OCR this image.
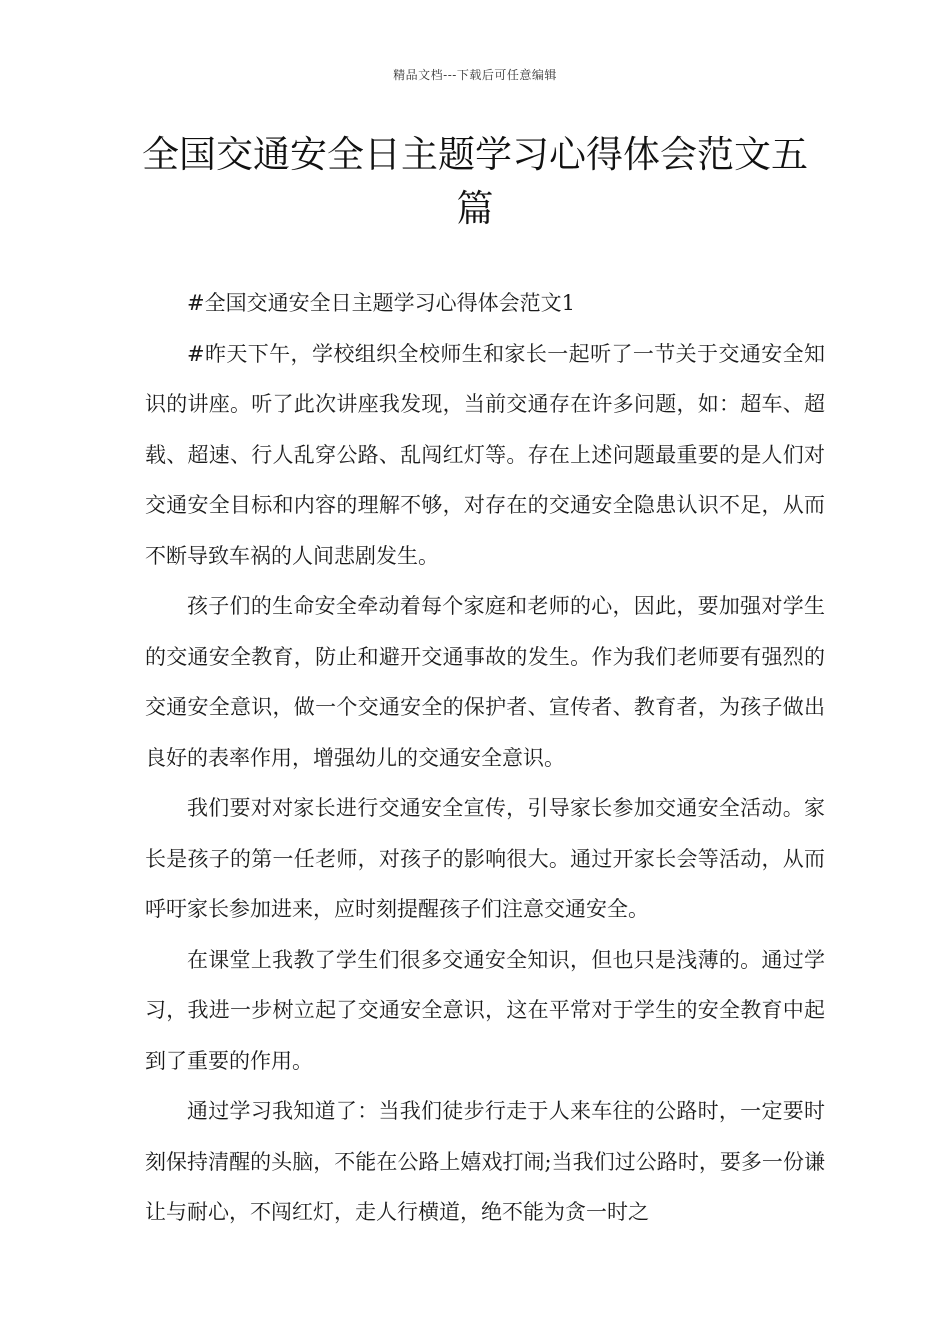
精品文档---下载后可任意编辑
全国交通安全日主题学习心得体会范文五篇

#全国交通安全日主题学习心得体会范文1

#昨天下午，学校组织全校师生和家长一起听了一节关于交通安全知识的讲座。听了此次讲座我发现，当前交通存在许多问题，如：超车、超载、超速、行人乱穿公路、乱闯红灯等。存在上述问题最重要的是人们对交通安全目标和内容的理解不够，对存在的交通安全隐患认识不足，从而不断导致车祸的人间悲剧发生。

孩子们的生命安全牵动着每个家庭和老师的心，因此，要加强对学生的交通安全教育，防止和避开交通事故的发生。作为我们老师要有强烈的交通安全意识，做一个交通安全的保护者、宣传者、教育者，为孩子做出良好的表率作用，增强幼儿的交通安全意识。

我们要对对家长进行交通安全宣传，引导家长参加交通安全活动。家长是孩子的第一任老师，对孩子的影响很大。通过开家长会等活动，从而呼吁家长参加进来，应时刻提醒孩子们注意交通安全。

在课堂上我教了学生们很多交通安全知识，但也只是浅薄的。通过学习，我进一步树立起了交通安全意识，这在平常对于学生的安全教育中起到了重要的作用。

通过学习我知道了：当我们徒步行走于人来车往的公路时，一定要时刻保持清醒的头脑，不能在公路上嬉戏打闹;当我们过公路时，要多一份谦让与耐心，不闯红灯，走人行横道，绝不能为贪一时之
